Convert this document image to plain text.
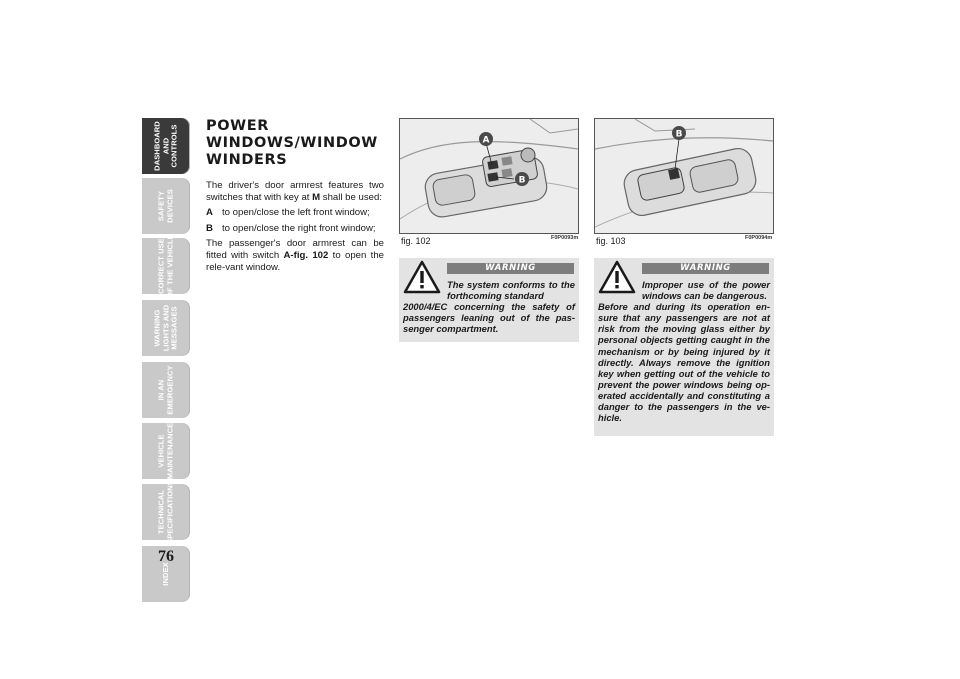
DASHBOARD
AND
CONTROLS
SAFETY
DEVICES
CORRECT USE
OF THE VEHICLE
WARNING
LIGHTS AND
MESSAGES
IN AN
EMERGENCY
VEHICLE
MAINTENANCE
TECHNICAL
SPECIFICATIONS
INDEX
76
POWER WINDOWS/WINDOW WINDERS

The driver's door armrest features two switches that with key at M shall be used:

A to open/close the left front window;
B to open/close the right front window;

The passenger's door armrest can be fitted with switch A-fig. 102 to open the rele-vant window.

A
B
fig. 102	F0P0093m
B
fig. 103	F0P0094m
WARNING
The system conforms to the forthcoming standard
2000/4/EC concerning the safety of passengers leaning out of the pas-senger compartment.
WARNING
Improper use of the power windows can be dangerous.
Before and during its operation en-sure that any passengers are not at risk from the moving glass either by personal objects getting caught in the mechanism or by being injured by it directly. Always remove the ignition key when getting out of the vehicle to prevent the power windows being op-erated accidentally and constituting a danger to the passengers in the ve-hicle.
